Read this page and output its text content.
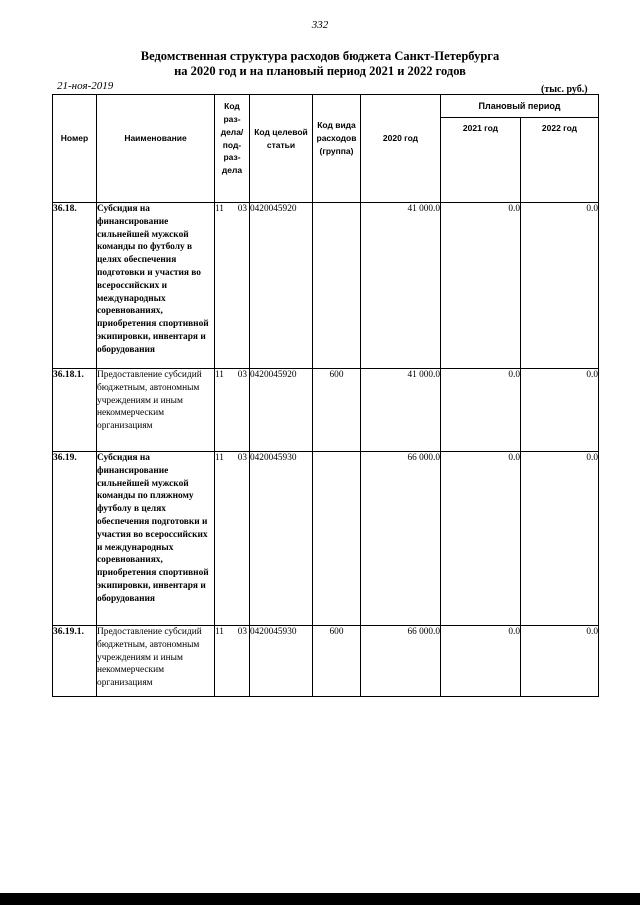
332
Ведомственная структура расходов бюджета Санкт-Петербурга
на 2020 год и на плановый период 2021 и 2022 годов
21-ноя-2019	(тыс. руб.)
Номер	Наименование	Код раз-дела/ под-раз-дела	Код целевой статьи	Код вида расходов (группа)	2020 год	Плановый период	
						2021 год	2022 год

36.18.	Субсидия на финансирование сильнейшей мужской команды по футболу в целях обеспечения подготовки и участия во всероссийских и международных соревнованиях, приобретения спортивной экипировки, инвентаря и оборудования	11 03	0420045920		41 000.0	0.0	0.0
36.18.1.	Предоставление субсидий бюджетным, автономным учреждениям и иным некоммерческим организациям	11 03	0420045920	600	41 000.0	0.0	0.0
36.19.	Субсидия на финансирование сильнейшей мужской команды по пляжному футболу в целях обеспечения подготовки и участия во всероссийских и международных соревнованиях, приобретения спортивной экипировки, инвентаря и оборудования	11 03	0420045930		66 000.0	0.0	0.0
36.19.1.	Предоставление субсидий бюджетным, автономным учреждениям и иным некоммерческим организациям	11 03	0420045930	600	66 000.0	0.0	0.0
